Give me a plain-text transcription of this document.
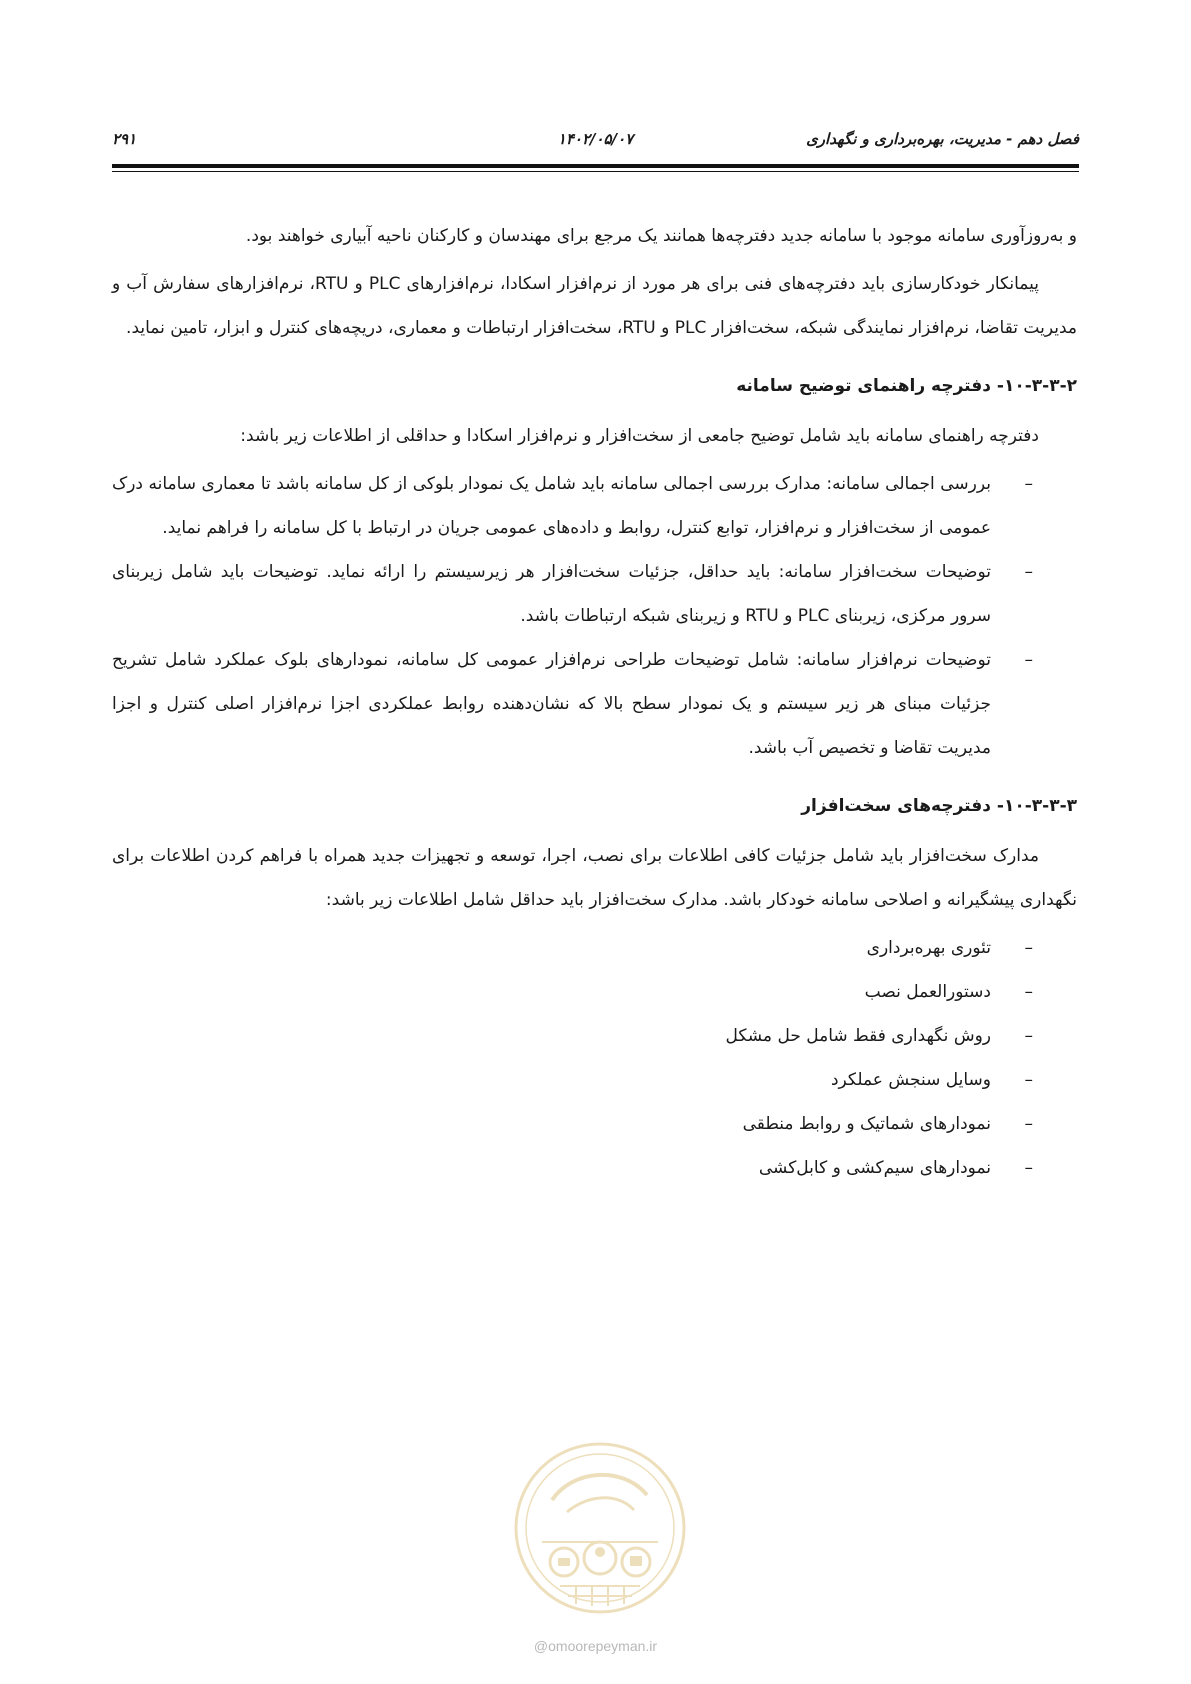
فصل دهم - مدیریت، بهره‌برداری و نگهداری
۱۴۰۲/۰۵/۰۷
۲۹۱

و به‌روزآوری سامانه موجود با سامانه جدید دفترچه‌ها همانند یک مرجع برای مهندسان و کارکنان ناحیه آبیاری خواهند بود.

پیمانکار خودکارسازی باید دفترچه‌های فنی برای هر مورد از نرم‌افزار اسکادا، نرم‌افزارهای PLC و RTU، نرم‌افزارهای سفارش آب و مدیریت تقاضا، نرم‌افزار نمایندگی شبکه، سخت‌افزار PLC و RTU، سخت‌افزار ارتباطات و معماری، دریچه‌های کنترل و ابزار، تامین نماید.

۱۰-۳-۳-۲- دفترچه راهنمای توضیح سامانه

دفترچه راهنمای سامانه باید شامل توضیح جامعی از سخت‌افزار و نرم‌افزار اسکادا و حداقلی از اطلاعات زیر باشد:

–
بررسی اجمالی سامانه: مدارک بررسی اجمالی سامانه باید شامل یک نمودار بلوکی از کل سامانه باشد تا معماری سامانه درک عمومی از سخت‌افزار و نرم‌افزار، توابع کنترل، روابط و داده‌های عمومی جریان در ارتباط با کل سامانه را فراهم نماید.
–
توضیحات سخت‌افزار سامانه: باید حداقل، جزئیات سخت‌افزار هر زیرسیستم را ارائه نماید. توضیحات باید شامل زیربنای سرور مرکزی، زیربنای PLC و RTU و زیربنای شبکه ارتباطات باشد.
–
توضیحات نرم‌افزار سامانه: شامل توضیحات طراحی نرم‌افزار عمومی کل سامانه، نمودارهای بلوک عملکرد شامل تشریح جزئیات مبنای هر زیر سیستم و یک نمودار سطح بالا که نشان‌دهنده روابط عملکردی اجزا نرم‌افزار اصلی کنترل و اجزا مدیریت تقاضا و تخصیص آب باشد.
۱۰-۳-۳-۳- دفترچه‌های سخت‌افزار

مدارک سخت‌افزار باید شامل جزئیات کافی اطلاعات برای نصب، اجرا، توسعه و تجهیزات جدید همراه با فراهم کردن اطلاعات برای نگهداری پیشگیرانه و اصلاحی سامانه خودکار باشد. مدارک سخت‌افزار باید حداقل شامل اطلاعات زیر باشد:

–
تئوری بهره‌برداری
–
دستورالعمل نصب
–
روش نگهداری فقط شامل حل مشکل
–
وسایل سنجش عملکرد
–
نمودارهای شماتیک و روابط منطقی
–
نمودارهای سیم‌کشی و کابل‌کشی
@omoorepeyman.ir
